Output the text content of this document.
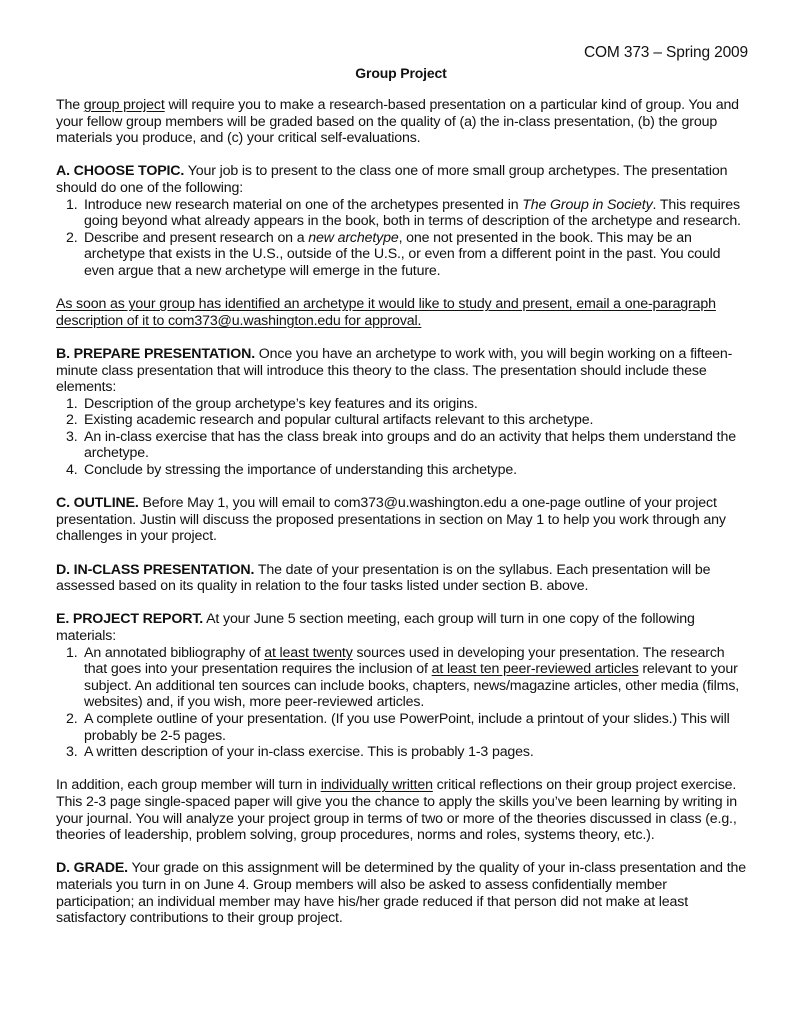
COM 373 – Spring 2009
Group Project

The group project will require you to make a research-based presentation on a particular kind of group. You and your fellow group members will be graded based on the quality of (a) the in-class presentation, (b) the group materials you produce, and (c) your critical self-evaluations.

A. CHOOSE TOPIC. Your job is to present to the class one of more small group archetypes. The presentation should do one of the following:
1. Introduce new research material on one of the archetypes presented in The Group in Society. This requires going beyond what already appears in the book, both in terms of description of the archetype and research.
2. Describe and present research on a new archetype, one not presented in the book. This may be an archetype that exists in the U.S., outside of the U.S., or even from a different point in the past. You could even argue that a new archetype will emerge in the future.

As soon as your group has identified an archetype it would like to study and present, email a one-paragraph description of it to com373@u.washington.edu for approval.

B. PREPARE PRESENTATION. Once you have an archetype to work with, you will begin working on a fifteen-minute class presentation that will introduce this theory to the class. The presentation should include these elements:
1. Description of the group archetype’s key features and its origins.
2. Existing academic research and popular cultural artifacts relevant to this archetype.
3. An in-class exercise that has the class break into groups and do an activity that helps them understand the archetype.
4. Conclude by stressing the importance of understanding this archetype.

C. OUTLINE. Before May 1, you will email to com373@u.washington.edu a one-page outline of your project presentation. Justin will discuss the proposed presentations in section on May 1 to help you work through any challenges in your project.

D. IN-CLASS PRESENTATION. The date of your presentation is on the syllabus. Each presentation will be assessed based on its quality in relation to the four tasks listed under section B. above.

E. PROJECT REPORT. At your June 5 section meeting, each group will turn in one copy of the following materials:
1. An annotated bibliography of at least twenty sources used in developing your presentation. The research that goes into your presentation requires the inclusion of at least ten peer-reviewed articles relevant to your subject. An additional ten sources can include books, chapters, news/magazine articles, other media (films, websites) and, if you wish, more peer-reviewed articles.
2. A complete outline of your presentation. (If you use PowerPoint, include a printout of your slides.) This will probably be 2-5 pages.
3. A written description of your in-class exercise. This is probably 1-3 pages.

In addition, each group member will turn in individually written critical reflections on their group project exercise. This 2-3 page single-spaced paper will give you the chance to apply the skills you’ve been learning by writing in your journal. You will analyze your project group in terms of two or more of the theories discussed in class (e.g., theories of leadership, problem solving, group procedures, norms and roles, systems theory, etc.).

D. GRADE. Your grade on this assignment will be determined by the quality of your in-class presentation and the materials you turn in on June 4. Group members will also be asked to assess confidentially member participation; an individual member may have his/her grade reduced if that person did not make at least satisfactory contributions to their group project.
